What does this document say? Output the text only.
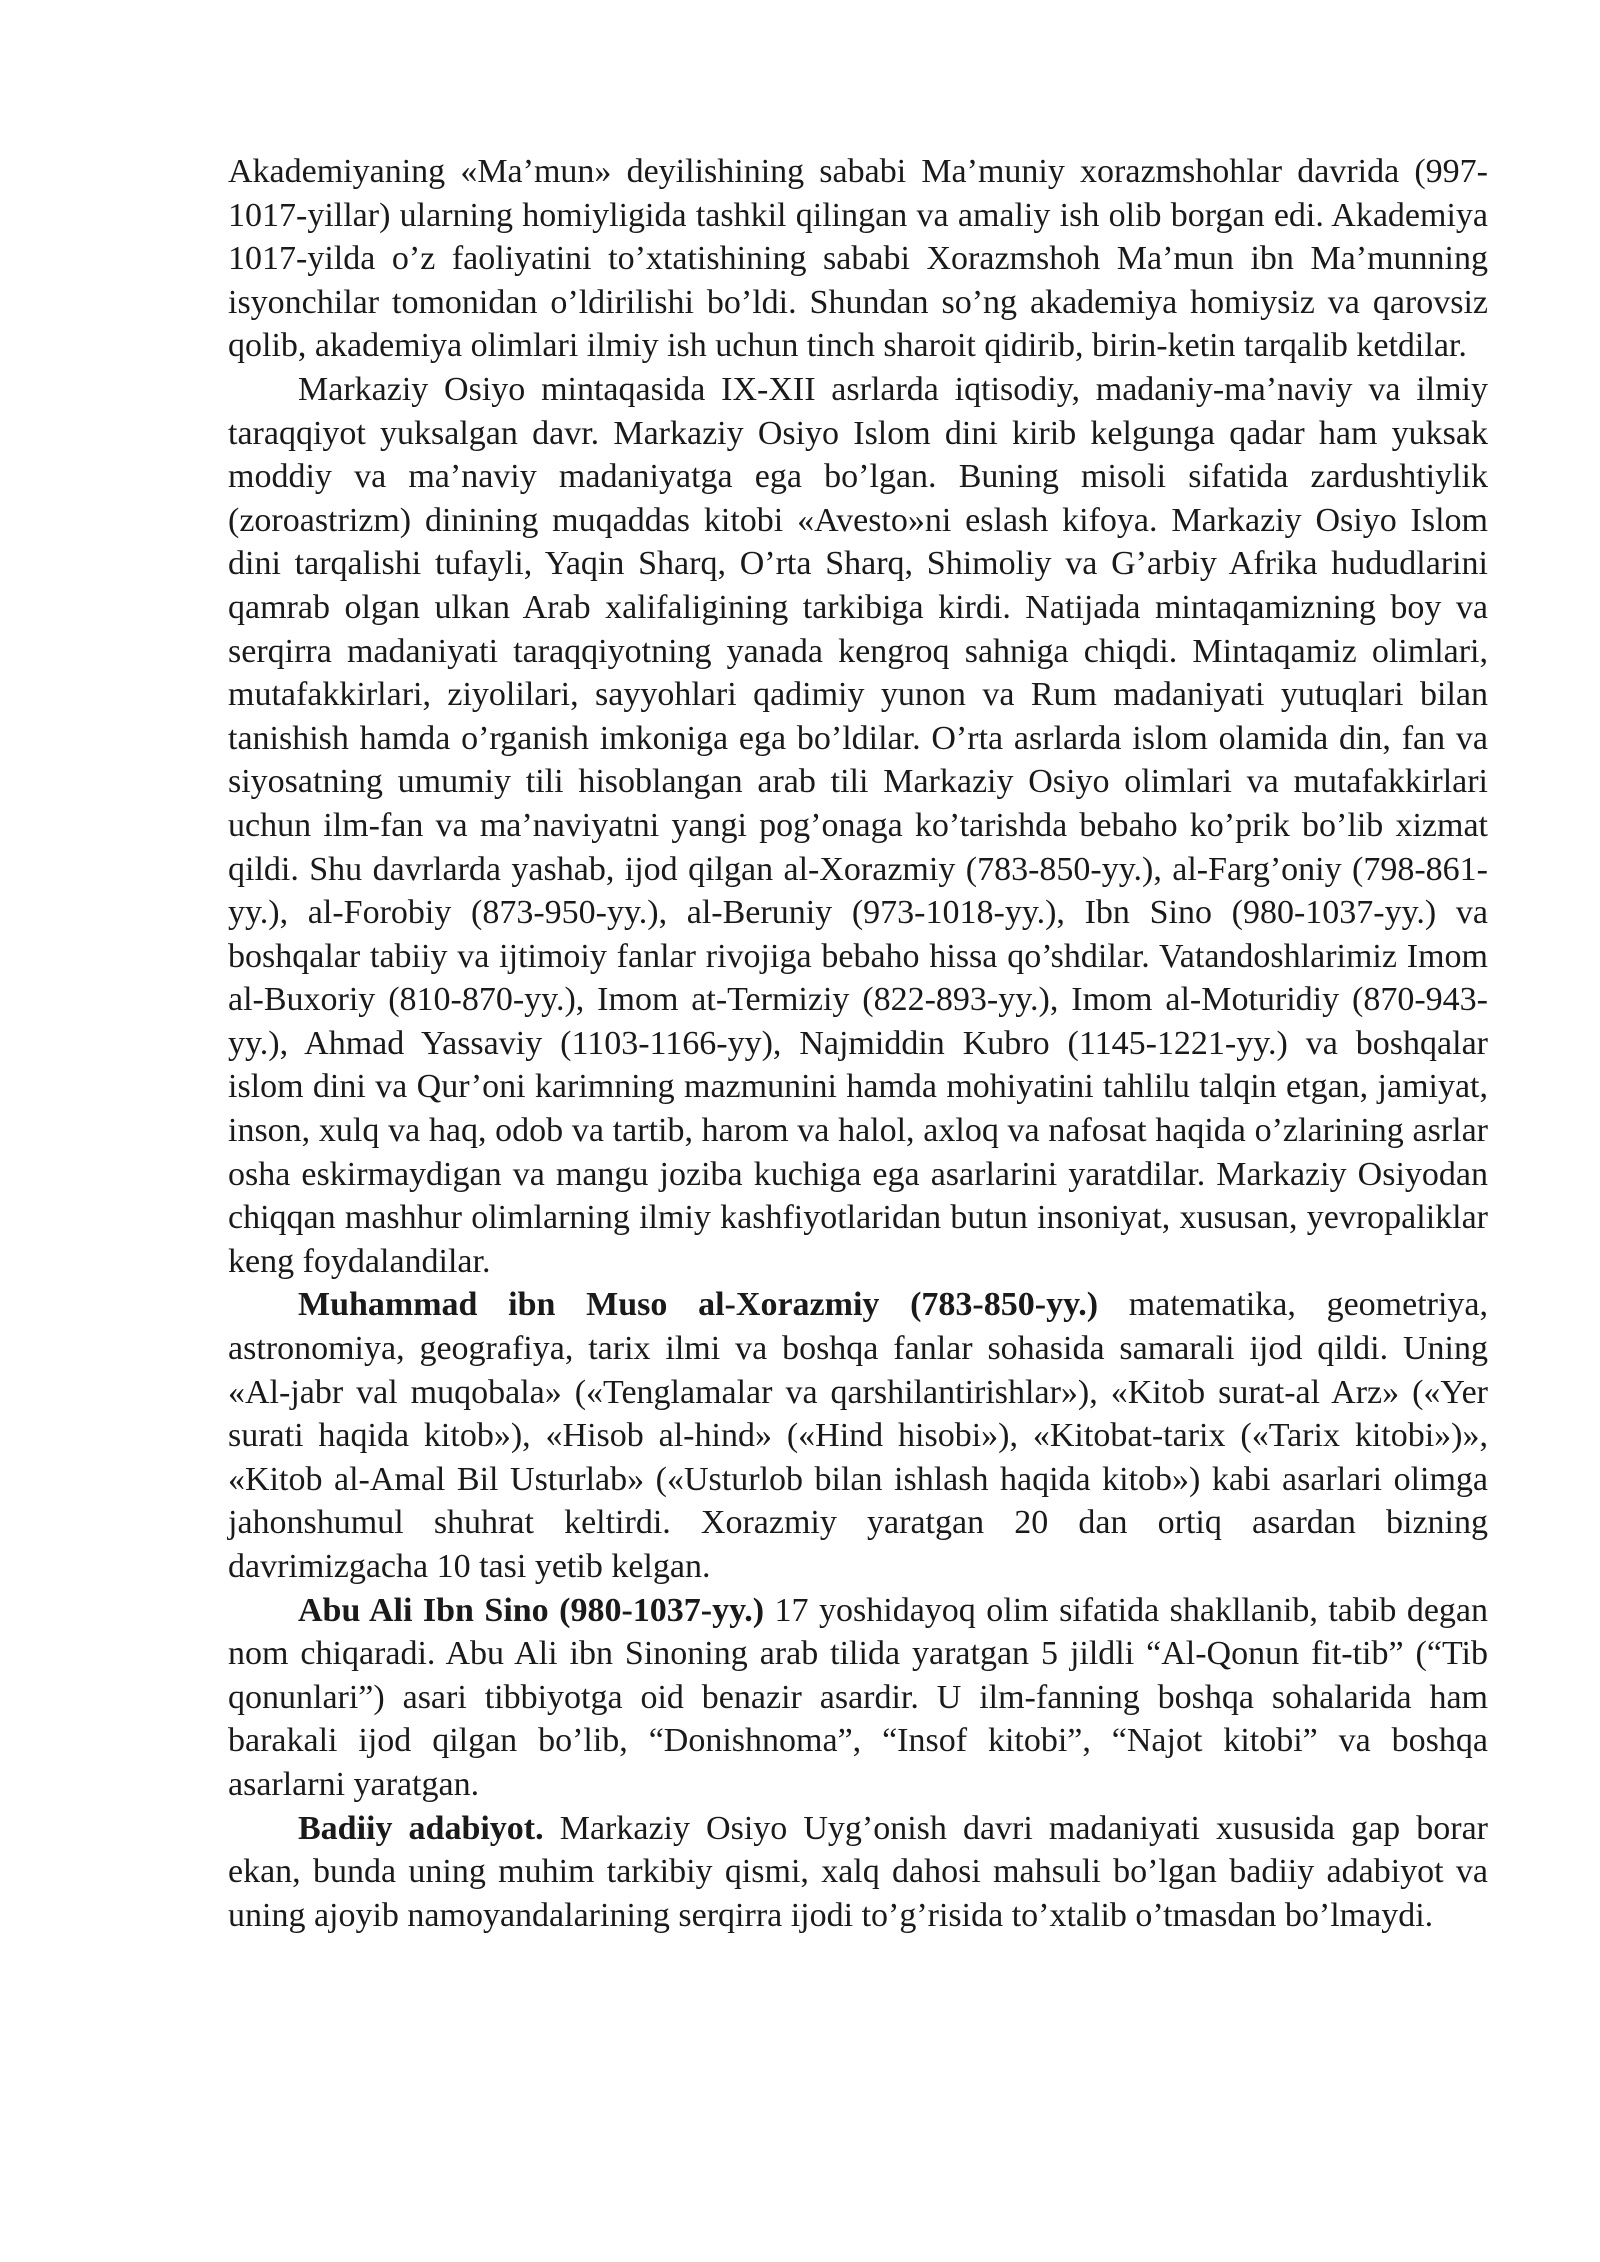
Akademiyaning «Ma’mun» deyilishining sababi Ma’muniy xorazmshohlar davrida (997-1017-yillar) ularning homiyligida tashkil qilingan va amaliy ish olib borgan edi. Akademiya 1017-yilda o’z faoliyatini to’xtatishining sababi Xorazmshoh Ma’mun ibn Ma’munning isyonchilar tomonidan o’ldirilishi bo’ldi. Shundan so’ng akademiya homiysiz va qarovsiz qolib, akademiya olimlari ilmiy ish uchun tinch sharoit qidirib, birin-ketin tarqalib ketdilar.

Markaziy Osiyo mintaqasida IX-XII asrlarda iqtisodiy, madaniy-ma’naviy va ilmiy taraqqiyot yuksalgan davr. Markaziy Osiyo Islom dini kirib kelgunga qadar ham yuksak moddiy va ma’naviy madaniyatga ega bo’lgan. Buning misoli sifatida zardushtiylik (zoroastrizm) dinining muqaddas kitobi «Avesto»ni eslash kifoya. Markaziy Osiyo Islom dini tarqalishi tufayli, Yaqin Sharq, O’rta Sharq, Shimoliy va G’arbiy Afrika hududlarini qamrab olgan ulkan Arab xalifaligining tarkibiga kirdi. Natijada mintaqamizning boy va serqirra madaniyati taraqqiyotning yanada kengroq sahniga chiqdi. Mintaqamiz olimlari, mutafakkirlari, ziyolilari, sayyohlari qadimiy yunon va Rum madaniyati yutuqlari bilan tanishish hamda o’rganish imkoniga ega bo’ldilar. O’rta asrlarda islom olamida din, fan va siyosatning umumiy tili hisoblangan arab tili Markaziy Osiyo olimlari va mutafakkirlari uchun ilm-fan va ma’naviyatni yangi pog’onaga ko’tarishda bebaho ko’prik bo’lib xizmat qildi. Shu davrlarda yashab, ijod qilgan al-Xorazmiy (783-850-yy.), al-Farg’oniy (798-861-yy.), al-Forobiy (873-950-yy.), al-Beruniy (973-1018-yy.), Ibn Sino (980-1037-yy.) va boshqalar tabiiy va ijtimoiy fanlar rivojiga bebaho hissa qo’shdilar. Vatandoshlarimiz Imom al-Buxoriy (810-870-yy.), Imom at-Termiziy (822-893-yy.), Imom al-Moturidiy (870-943-yy.), Ahmad Yassaviy (1103-1166-yy), Najmiddin Kubro (1145-1221-yy.) va boshqalar islom dini va Qur’oni karimning mazmunini hamda mohiyatini tahlilu talqin etgan, jamiyat, inson, xulq va haq, odob va tartib, harom va halol, axloq va nafosat haqida o’zlarining asrlar osha eskirmaydigan va mangu joziba kuchiga ega asarlarini yaratdilar. Markaziy Osiyodan chiqqan mashhur olimlarning ilmiy kashfiyotlaridan butun insoniyat, xususan, yevropaliklar keng foydalandilar.

Muhammad ibn Muso al-Xorazmiy (783-850-yy.) matematika, geometriya, astronomiya, geografiya, tarix ilmi va boshqa fanlar sohasida samarali ijod qildi. Uning «Al-jabr val muqobala» («Tenglamalar va qarshilantirishlar»), «Kitob surat-al Arz» («Yer surati haqida kitob»), «Hisob al-hind» («Hind hisobi»), «Kitobat-tarix («Tarix kitobi»)», «Kitob al-Amal Bil Usturlab» («Usturlob bilan ishlash haqida kitob») kabi asarlari olimga jahonshumul shuhrat keltirdi. Xorazmiy yaratgan 20 dan ortiq asardan bizning davrimizgacha 10 tasi yetib kelgan.

Abu Ali Ibn Sino (980-1037-yy.) 17 yoshidayoq olim sifatida shakllanib, tabib degan nom chiqaradi. Abu Ali ibn Sinoning arab tilida yaratgan 5 jildli “Al-Qonun fit-tib” (“Tib qonunlari”) asari tibbiyotga oid benazir asardir. U ilm-fanning boshqa sohalarida ham barakali ijod qilgan bo’lib, “Donishnoma”, “Insof kitobi”, “Najot kitobi” va boshqa asarlarni yaratgan.

Badiiy adabiyot. Markaziy Osiyo Uyg’onish davri madaniyati xususida gap borar ekan, bunda uning muhim tarkibiy qismi, xalq dahosi mahsuli bo’lgan badiiy adabiyot va uning ajoyib namoyandalarining serqirra ijodi to’g’risida to’xtalib o’tmasdan bo’lmaydi.
